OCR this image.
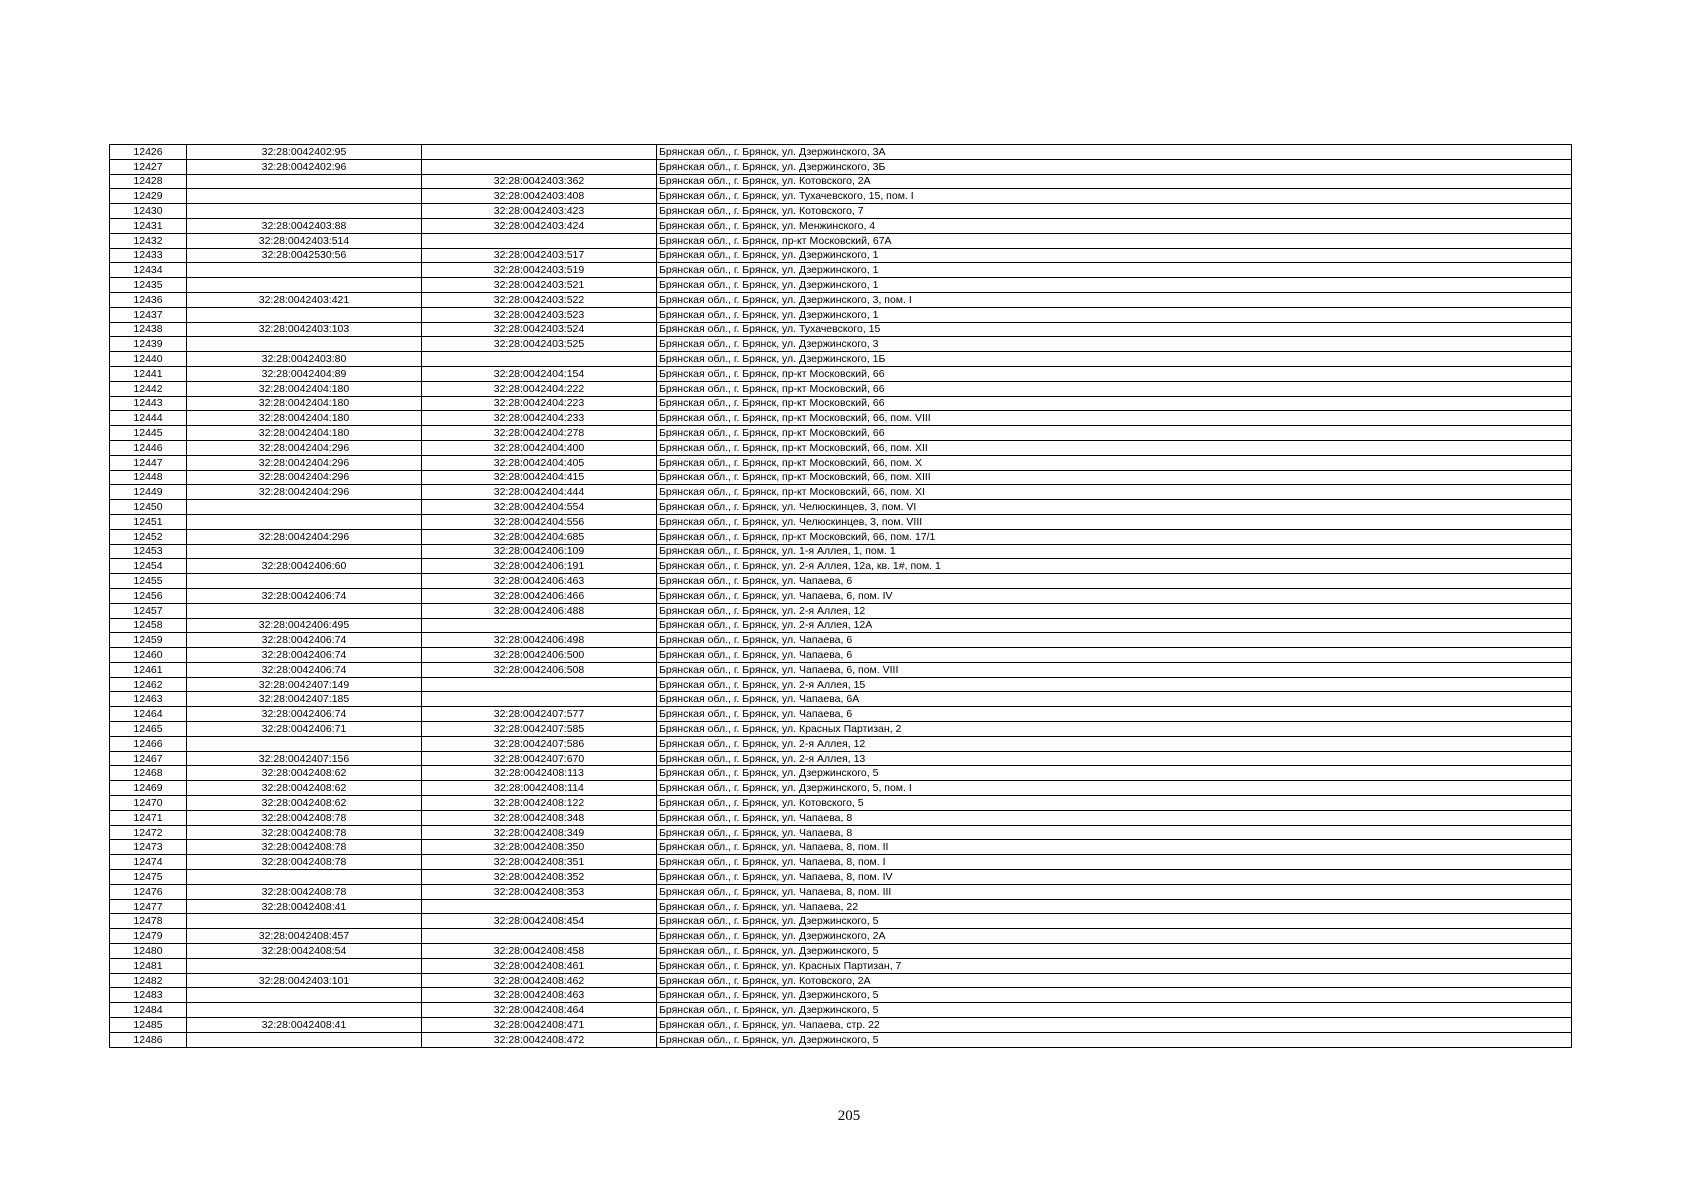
12426	32:28:0042402:95		Брянская обл., г. Брянск, ул. Дзержинского, 3А
12427	32:28:0042402:96		Брянская обл., г. Брянск, ул. Дзержинского, 3Б
12428		32:28:0042403:362	Брянская обл., г. Брянск, ул. Котовского, 2А
12429		32:28:0042403:408	Брянская обл., г. Брянск, ул. Тухачевского, 15, пом. I
12430		32:28:0042403:423	Брянская обл., г. Брянск, ул. Котовского, 7
12431	32:28:0042403:88	32:28:0042403:424	Брянская обл., г. Брянск, ул. Менжинского, 4
12432	32:28:0042403:514		Брянская обл., г. Брянск, пр-кт Московский, 67А
12433	32:28:0042530:56	32:28:0042403:517	Брянская обл., г. Брянск, ул. Дзержинского, 1
12434		32:28:0042403:519	Брянская обл., г. Брянск, ул. Дзержинского, 1
12435		32:28:0042403:521	Брянская обл., г. Брянск, ул. Дзержинского, 1
12436	32:28:0042403:421	32:28:0042403:522	Брянская обл., г. Брянск, ул. Дзержинского, 3, пом. I
12437		32:28:0042403:523	Брянская обл., г. Брянск, ул. Дзержинского, 1
12438	32:28:0042403:103	32:28:0042403:524	Брянская обл., г. Брянск, ул. Тухачевского, 15
12439		32:28:0042403:525	Брянская обл., г. Брянск, ул. Дзержинского, 3
12440	32:28:0042403:80		Брянская обл., г. Брянск, ул. Дзержинского, 1Б
12441	32:28:0042404:89	32:28:0042404:154	Брянская обл., г. Брянск, пр-кт Московский, 66
12442	32:28:0042404:180	32:28:0042404:222	Брянская обл., г. Брянск, пр-кт Московский, 66
12443	32:28:0042404:180	32:28:0042404:223	Брянская обл., г. Брянск, пр-кт Московский, 66
12444	32:28:0042404:180	32:28:0042404:233	Брянская обл., г. Брянск, пр-кт Московский, 66, пом. VIII
12445	32:28:0042404:180	32:28:0042404:278	Брянская обл., г. Брянск, пр-кт Московский, 66
12446	32:28:0042404:296	32:28:0042404:400	Брянская обл., г. Брянск, пр-кт Московский, 66, пом. XII
12447	32:28:0042404:296	32:28:0042404:405	Брянская обл., г. Брянск, пр-кт Московский, 66, пом. X
12448	32:28:0042404:296	32:28:0042404:415	Брянская обл., г. Брянск, пр-кт Московский, 66, пом. XIII
12449	32:28:0042404:296	32:28:0042404:444	Брянская обл., г. Брянск, пр-кт Московский, 66, пом. XI
12450		32:28:0042404:554	Брянская обл., г. Брянск, ул. Челюскинцев, 3, пом. VI
12451		32:28:0042404:556	Брянская обл., г. Брянск, ул. Челюскинцев, 3, пом. VIII
12452	32:28:0042404:296	32:28:0042404:685	Брянская обл., г. Брянск, пр-кт Московский, 66, пом. 17/1
12453		32:28:0042406:109	Брянская обл., г. Брянск, ул. 1-я Аллея, 1, пом. 1
12454	32:28:0042406:60	32:28:0042406:191	Брянская обл., г. Брянск, ул. 2-я Аллея, 12а, кв. 1#, пом. 1
12455		32:28:0042406:463	Брянская обл., г. Брянск, ул. Чапаева, 6
12456	32:28:0042406:74	32:28:0042406:466	Брянская обл., г. Брянск, ул. Чапаева, 6, пом. IV
12457		32:28:0042406:488	Брянская обл., г. Брянск, ул. 2-я Аллея, 12
12458	32:28:0042406:495		Брянская обл., г. Брянск, ул. 2-я Аллея, 12А
12459	32:28:0042406:74	32:28:0042406:498	Брянская обл., г. Брянск, ул. Чапаева, 6
12460	32:28:0042406:74	32:28:0042406:500	Брянская обл., г. Брянск, ул. Чапаева, 6
12461	32:28:0042406:74	32:28:0042406:508	Брянская обл., г. Брянск, ул. Чапаева, 6, пом. VIII
12462	32:28:0042407:149		Брянская обл., г. Брянск, ул. 2-я Аллея, 15
12463	32:28:0042407:185		Брянская обл., г. Брянск, ул. Чапаева, 6А
12464	32:28:0042406:74	32:28:0042407:577	Брянская обл., г. Брянск, ул. Чапаева, 6
12465	32:28:0042406:71	32:28:0042407:585	Брянская обл., г. Брянск, ул. Красных Партизан, 2
12466		32:28:0042407:586	Брянская обл., г. Брянск, ул. 2-я Аллея, 12
12467	32:28:0042407:156	32:28:0042407:670	Брянская обл., г. Брянск, ул. 2-я Аллея, 13
12468	32:28:0042408:62	32:28:0042408:113	Брянская обл., г. Брянск, ул. Дзержинского, 5
12469	32:28:0042408:62	32:28:0042408:114	Брянская обл., г. Брянск, ул. Дзержинского, 5, пом. I
12470	32:28:0042408:62	32:28:0042408:122	Брянская обл., г. Брянск, ул. Котовского, 5
12471	32:28:0042408:78	32:28:0042408:348	Брянская обл., г. Брянск, ул. Чапаева, 8
12472	32:28:0042408:78	32:28:0042408:349	Брянская обл., г. Брянск, ул. Чапаева, 8
12473	32:28:0042408:78	32:28:0042408:350	Брянская обл., г. Брянск, ул. Чапаева, 8, пом. II
12474	32:28:0042408:78	32:28:0042408:351	Брянская обл., г. Брянск, ул. Чапаева, 8, пом. I
12475		32:28:0042408:352	Брянская обл., г. Брянск, ул. Чапаева, 8, пом. IV
12476	32:28:0042408:78	32:28:0042408:353	Брянская обл., г. Брянск, ул. Чапаева, 8, пом. III
12477	32:28:0042408:41		Брянская обл., г. Брянск, ул. Чапаева, 22
12478		32:28:0042408:454	Брянская обл., г. Брянск, ул. Дзержинского, 5
12479	32:28:0042408:457		Брянская обл., г. Брянск, ул. Дзержинского, 2А
12480	32:28:0042408:54	32:28:0042408:458	Брянская обл., г. Брянск, ул. Дзержинского, 5
12481		32:28:0042408:461	Брянская обл., г. Брянск, ул. Красных Партизан, 7
12482	32:28:0042403:101	32:28:0042408:462	Брянская обл., г. Брянск, ул. Котовского, 2А
12483		32:28:0042408:463	Брянская обл., г. Брянск, ул. Дзержинского, 5
12484		32:28:0042408:464	Брянская обл., г. Брянск, ул. Дзержинского, 5
12485	32:28:0042408:41	32:28:0042408:471	Брянская обл., г. Брянск, ул. Чапаева, стр. 22
12486		32:28:0042408:472	Брянская обл., г. Брянск, ул. Дзержинского, 5
205
